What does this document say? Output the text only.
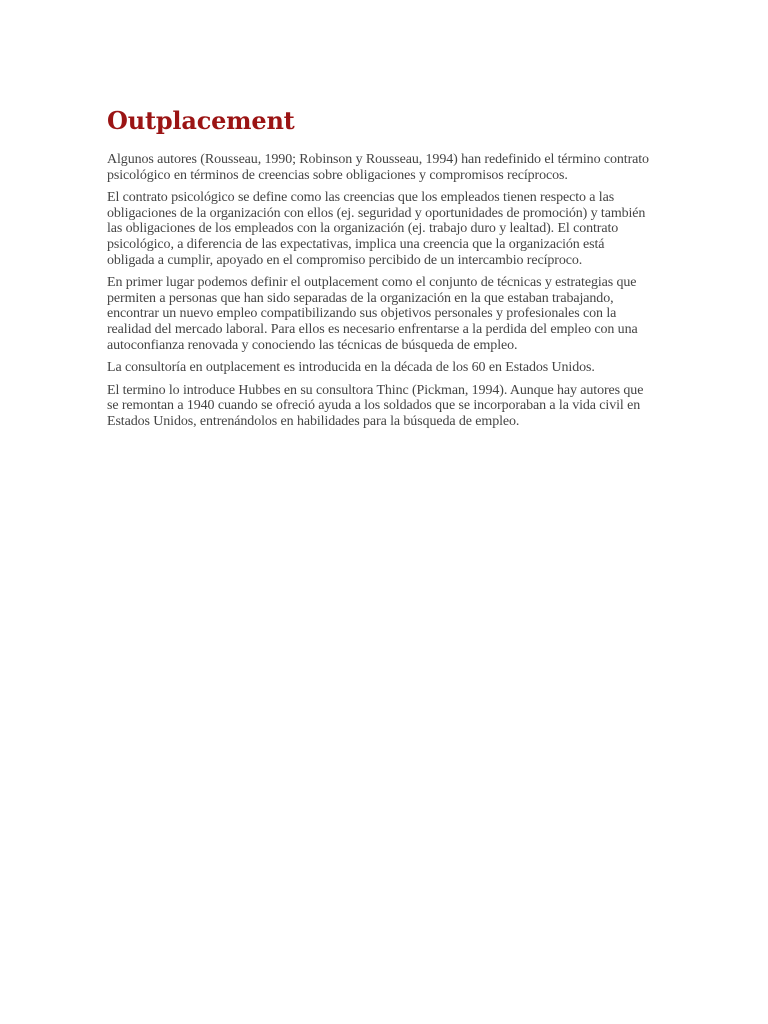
Outplacement

Algunos autores (Rousseau, 1990; Robinson y Rousseau, 1994) han redefinido el término contrato psicológico en términos de creencias sobre obligaciones y compromisos recíprocos.

El contrato psicológico se define como las creencias que los empleados tienen respecto a las obligaciones de la organización con ellos (ej. seguridad y oportunidades de promoción) y también las obligaciones de los empleados con la organización (ej. trabajo duro y lealtad). El contrato psicológico, a diferencia de las expectativas, implica una creencia que la organización está obligada a cumplir, apoyado en el compromiso percibido de un intercambio recíproco.

En primer lugar podemos definir el outplacement como el conjunto de técnicas y estrategias que permiten a personas que han sido separadas de la organización en la que estaban trabajando, encontrar un nuevo empleo compatibilizando sus objetivos personales y profesionales con la realidad del mercado laboral. Para ellos es necesario enfrentarse a la perdida del empleo con una autoconfianza renovada y conociendo las técnicas de búsqueda de empleo.

La consultoría en outplacement es introducida en la década de los 60 en Estados Unidos.

El termino lo introduce Hubbes en su consultora Thinc (Pickman, 1994). Aunque hay autores que se remontan a 1940 cuando se ofreció ayuda a los soldados que se incorporaban a la vida civil en Estados Unidos, entrenándolos en habilidades para la búsqueda de empleo.
